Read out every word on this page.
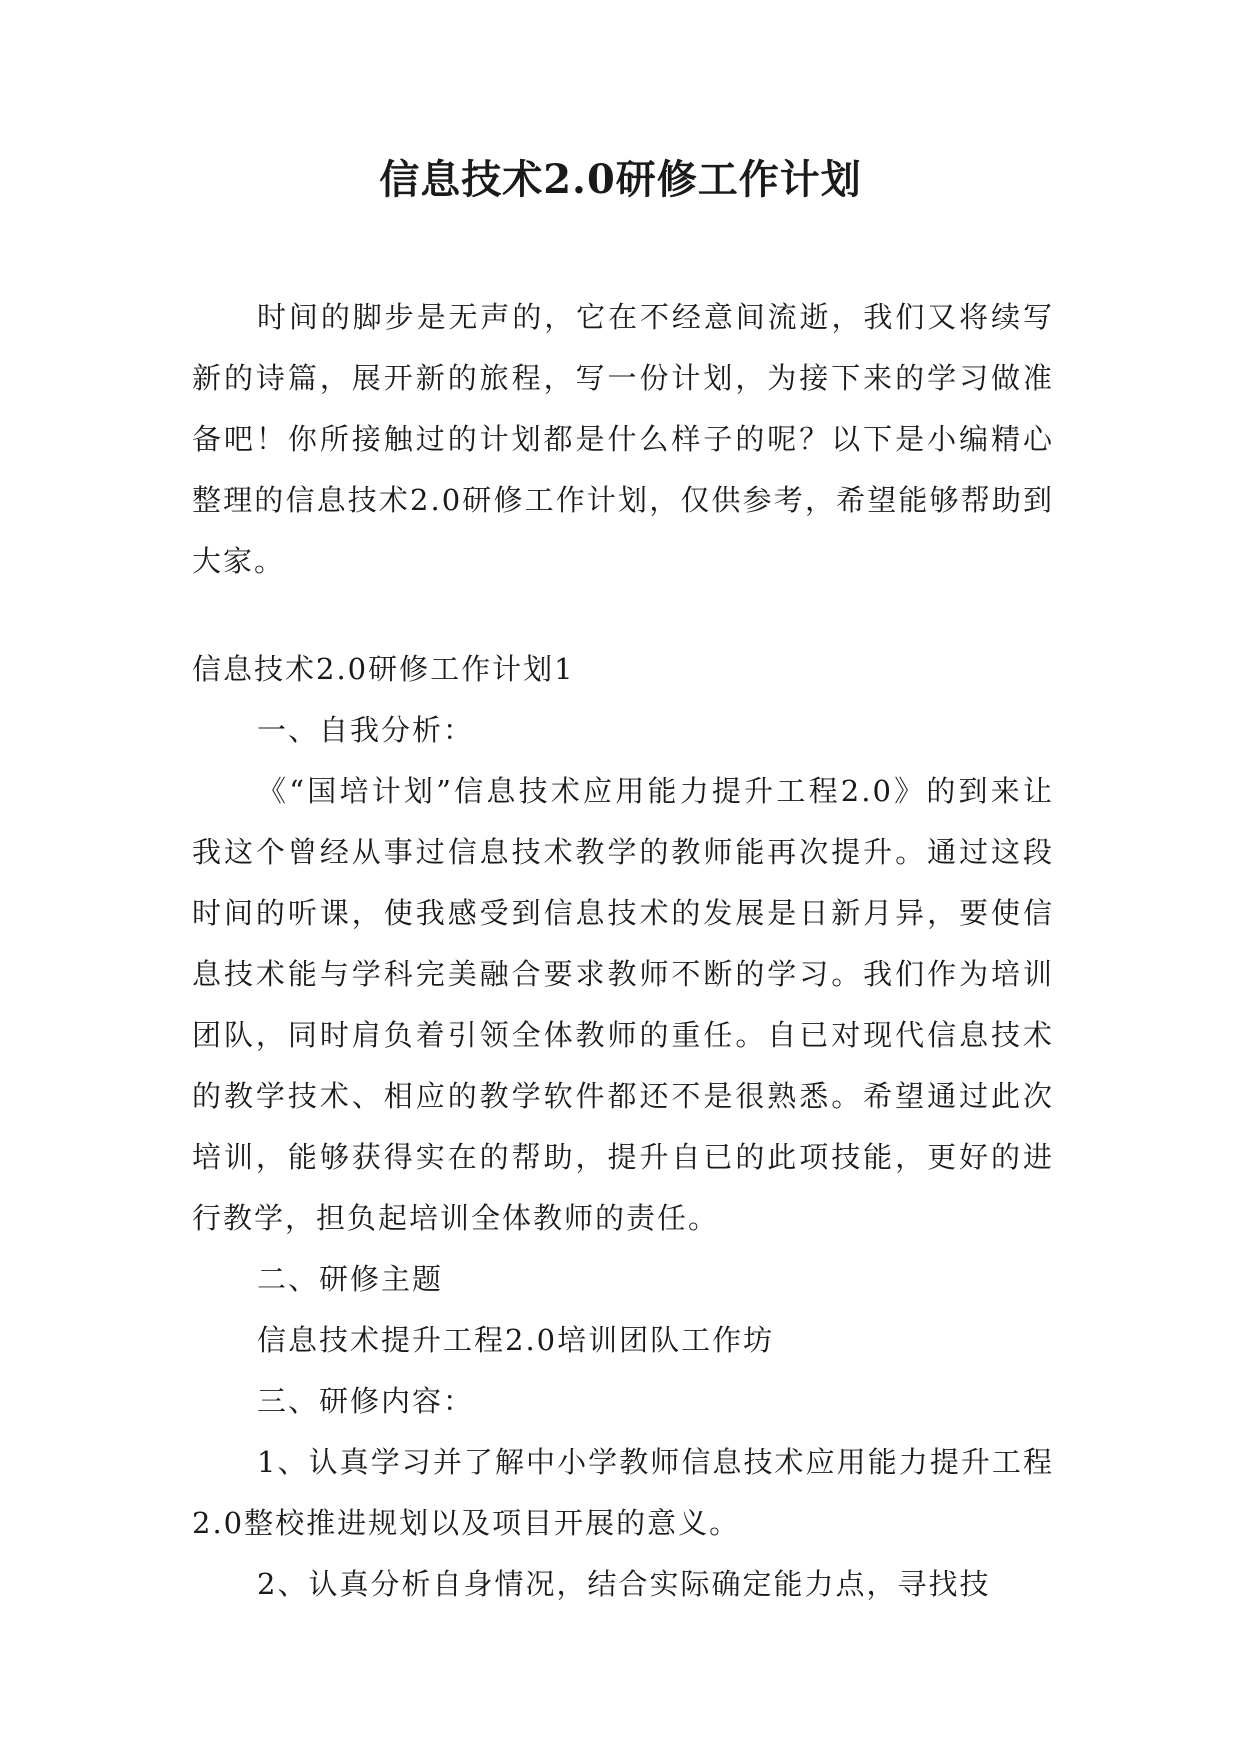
信息技术2.0研修工作计划

时间的脚步是无声的，它在不经意间流逝，我们又将续写新的诗篇，展开新的旅程，写一份计划，为接下来的学习做准备吧！你所接触过的计划都是什么样子的呢？以下是小编精心整理的信息技术2.0研修工作计划，仅供参考，希望能够帮助到大家。

信息技术2.0研修工作计划1

一、自我分析：

《“国培计划”信息技术应用能力提升工程2.0》的到来让我这个曾经从事过信息技术教学的教师能再次提升。通过这段时间的听课，使我感受到信息技术的发展是日新月异，要使信息技术能与学科完美融合要求教师不断的学习。我们作为培训团队，同时肩负着引领全体教师的重任。自已对现代信息技术的教学技术、相应的教学软件都还不是很熟悉。希望通过此次培训，能够获得实在的帮助，提升自已的此项技能，更好的进行教学，担负起培训全体教师的责任。

二、研修主题

信息技术提升工程2.0培训团队工作坊

三、研修内容：

1、认真学习并了解中小学教师信息技术应用能力提升工程2.0整校推进规划以及项目开展的意义。

2、认真分析自身情况，结合实际确定能力点，寻找技
